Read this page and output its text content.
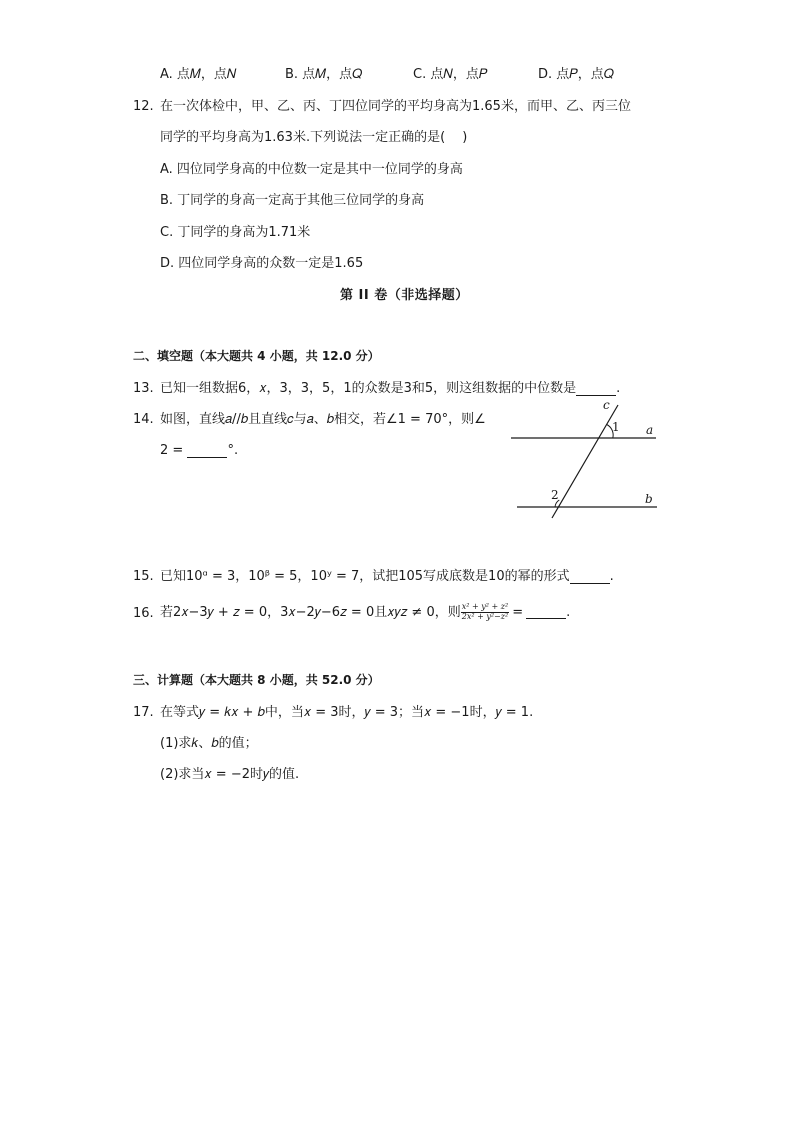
A. 点𝑀，点𝑁	B. 点𝑀，点𝑄	C. 点𝑁，点𝑃	D. 点𝑃，点𝑄
12. 在一次体检中，甲、乙、丙、丁四位同学的平均身高为1.65米，而甲、乙、丙三位
同学的平均身高为1.63米.下列说法一定正确的是(　 )
A. 四位同学身高的中位数一定是其中一位同学的身高
B. 丁同学的身高一定高于其他三位同学的身高
C. 丁同学的身高为1.71米
D. 四位同学身高的众数一定是1.65
第 II 卷（非选择题）
二、填空题（本大题共 4 小题，共 12.0 分）
13. 已知一组数据6，𝑥，3，3，5，1的众数是3和5，则这组数据的中位数是	.
14. 如图，直线𝑎//𝑏且直线𝑐与𝑎、𝑏相交，若∠1 = 70°，则∠
2 =	°.
c
1 a
2	b
15. 已知10ᵅ = 3，10ᵝ = 5，10ʸ = 7，试把105写成底数是10的幂的形式	.
16. 若2𝑥−3𝑦 + 𝑧 = 0，3𝑥−2𝑦−6𝑧 = 0且𝑥𝑦𝑧 ≠ 0，则 $\frac{\text{x² + y² + z²}}{\text{2x² + y²−z²}}$ =
	.
三、计算题（本大题共 8 小题，共 52.0 分）
17. 在等式𝑦 = 𝑘𝑥 + 𝑏中，当𝑥 = 3时，𝑦 = 3；当𝑥 = −1时，𝑦 = 1.
(1)求𝑘、𝑏的值；
(2)求当𝑥 = −2时𝑦的值.
